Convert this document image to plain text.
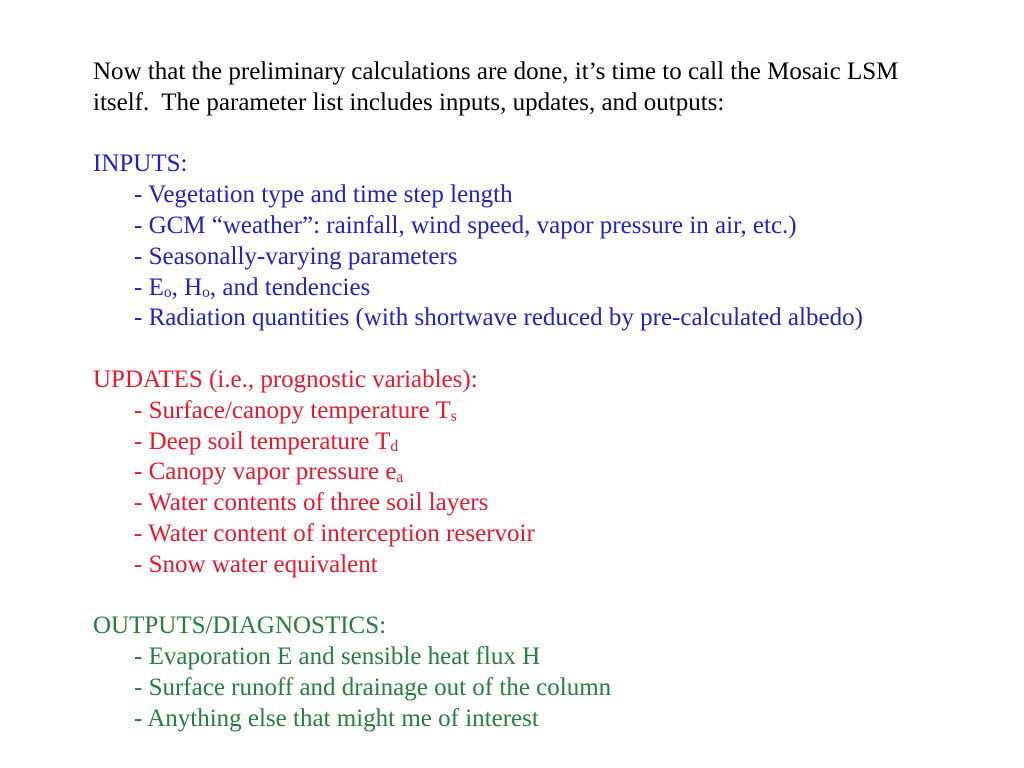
Now that the preliminary calculations are done, it’s time to call the Mosaic LSM
itself.  The parameter list includes inputs, updates, and outputs:
INPUTS:
- Vegetation type and time step length
- GCM “weather”: rainfall, wind speed, vapor pressure in air, etc.)
- Seasonally-varying parameters
- $E_o$, $H_o$, and tendencies
- Radiation quantities (with shortwave reduced by pre-calculated albedo)
UPDATES (i.e., prognostic variables):
- Surface/canopy temperature $T_s$
- Deep soil temperature $T_d$
- Canopy vapor pressure $e_a$
- Water contents of three soil layers
- Water content of interception reservoir
- Snow water equivalent
OUTPUTS/DIAGNOSTICS:
- Evaporation E and sensible heat flux H
- Surface runoff and drainage out of the column
- Anything else that might me of interest
